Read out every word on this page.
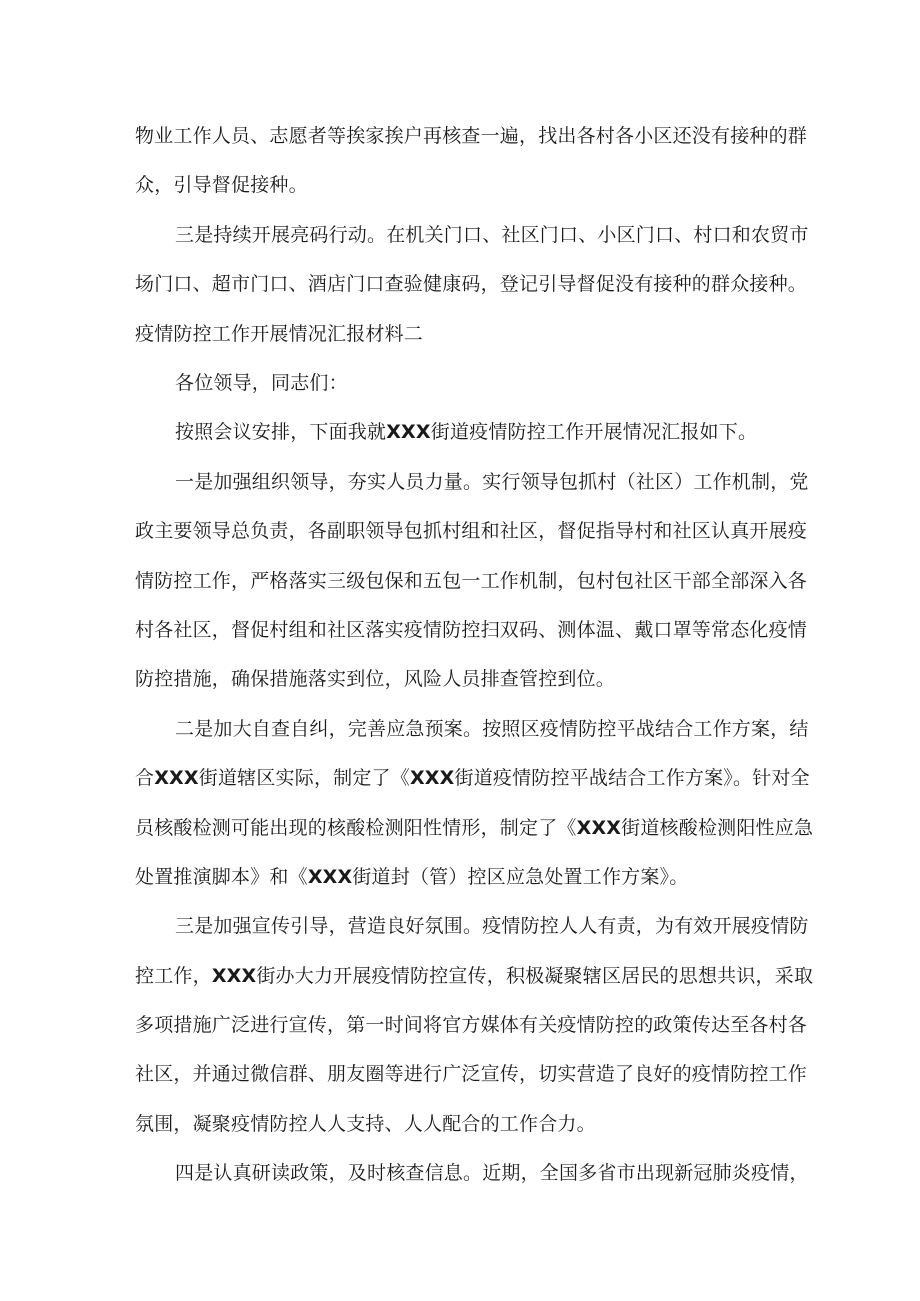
物业工作人员、志愿者等挨家挨户再核查一遍，找出各村各小区还没有接种的群
众，引导督促接种。
三是持续开展亮码行动。在机关门口、社区门口、小区门口、村口和农贸市
场门口、超市门口、酒店门口查验健康码，登记引导督促没有接种的群众接种。
疫情防控工作开展情况汇报材料二
各位领导，同志们：
按照会议安排，下面我就XXX街道疫情防控工作开展情况汇报如下。
一是加强组织领导，夯实人员力量。实行领导包抓村（社区）工作机制，党
政主要领导总负责，各副职领导包抓村组和社区，督促指导村和社区认真开展疫
情防控工作，严格落实三级包保和五包一工作机制，包村包社区干部全部深入各
村各社区，督促村组和社区落实疫情防控扫双码、测体温、戴口罩等常态化疫情
防控措施，确保措施落实到位，风险人员排查管控到位。
二是加大自查自纠，完善应急预案。按照区疫情防控平战结合工作方案，结
合XXX街道辖区实际，制定了《XXX街道疫情防控平战结合工作方案》。针对全
员核酸检测可能出现的核酸检测阳性情形，制定了《XXX街道核酸检测阳性应急
处置推演脚本》和《XXX街道封（管）控区应急处置工作方案》。
三是加强宣传引导，营造良好氛围。疫情防控人人有责，为有效开展疫情防
控工作，XXX街办大力开展疫情防控宣传，积极凝聚辖区居民的思想共识，采取
多项措施广泛进行宣传，第一时间将官方媒体有关疫情防控的政策传达至各村各
社区，并通过微信群、朋友圈等进行广泛宣传，切实营造了良好的疫情防控工作
氛围，凝聚疫情防控人人支持、人人配合的工作合力。
四是认真研读政策，及时核查信息。近期，全国多省市出现新冠肺炎疫情，
